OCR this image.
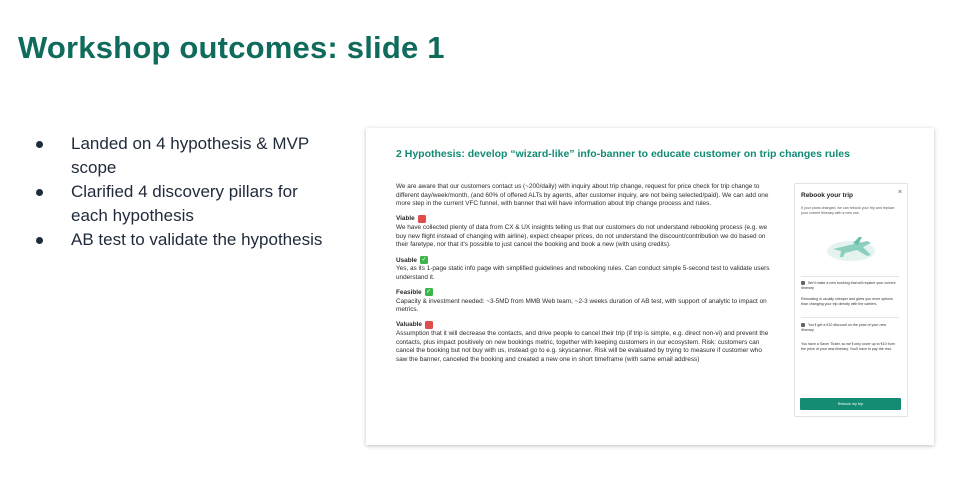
Workshop outcomes: slide 1
Landed on 4 hypothesis & MVP scope
Clarified 4 discovery pillars for each hypothesis
AB test to validate the hypothesis
2 Hypothesis: develop “wizard-like” info-banner to educate customer on trip changes rules

We are aware that our customers contact us (~200/daily) with inquiry about trip change, request for price check for trip change to different day/week/month, (and 60% of offered ALTs by agents, after customer inquiry, are not being selected/paid). We can add one more step in the current VFC funnel, with banner that will have information about trip change process and rules.

Viable
We have collected plenty of data from CX & UX insights telling us that our customers do not understand rebooking process (e.g. we buy new flight instead of changing with airline), expect cheaper prices, do not understand the discount/contribution we do based on their faretype, nor that it's possible to just cancel the booking and book a new (with using credits).

Usable ✓

Yes, as its 1-page static info page with simplified guidelines and rebooking rules. Can conduct simple 5-second test to validate users understand it.

Feasible ✓

Capacity & investment needed: ~3-5MD from MMB Web team, ~2-3 weeks duration of AB test, with support of analytic to impact on metrics.

Valuable
Assumption that it will decrease the contacts, and drive people to cancel their trip (if trip is simple, e.g. direct non-vi) and prevent the contacts, plus impact positively on new bookings metric, together with keeping customers in our ecosystem. Risk: customers can cancel the booking but not buy with us, instead go to e.g. skyscanner. Risk will be evaluated by trying to measure if customer who saw the banner, canceled the booking and created a new one in short timeframe (with same email address)

Rebook your trip	×
If your plans changed, we can rebook your trip and replace your current itinerary with a new one.
We'll make a new booking that will replace your current itinerary
Rebooking is usually cheaper and gives you more options than changing your trip directly with the carriers.
You'll get a €10 discount on the price of your new itinerary
You have a Saver Ticket, so we'll only cover up to €10 from the price of your new itinerary. You'll have to pay the rest.
Rebook my trip
